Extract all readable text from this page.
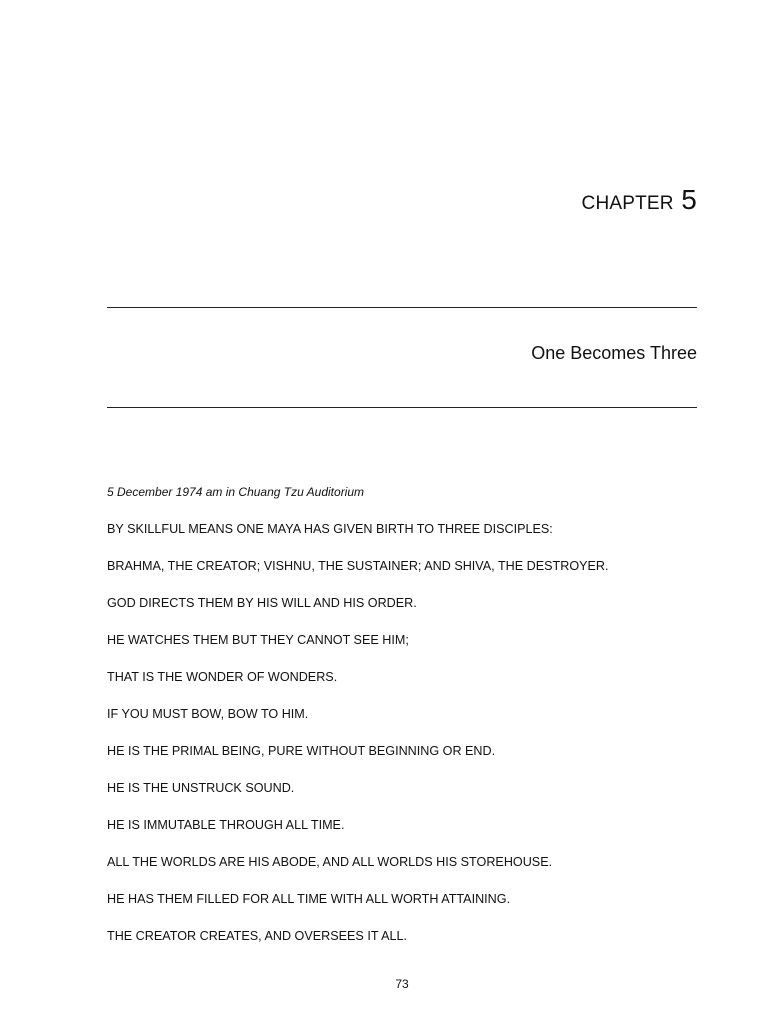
CHAPTER 5
One Becomes Three

5 December 1974 am in Chuang Tzu Auditorium

BY SKILLFUL MEANS ONE MAYA HAS GIVEN BIRTH TO THREE DISCIPLES:

BRAHMA, THE CREATOR; VISHNU, THE SUSTAINER; AND SHIVA, THE DESTROYER.

GOD DIRECTS THEM BY HIS WILL AND HIS ORDER.

HE WATCHES THEM BUT THEY CANNOT SEE HIM;

THAT IS THE WONDER OF WONDERS.

IF YOU MUST BOW, BOW TO HIM.

HE IS THE PRIMAL BEING, PURE WITHOUT BEGINNING OR END.

HE IS THE UNSTRUCK SOUND.

HE IS IMMUTABLE THROUGH ALL TIME.

ALL THE WORLDS ARE HIS ABODE, AND ALL WORLDS HIS STOREHOUSE.

HE HAS THEM FILLED FOR ALL TIME WITH ALL WORTH ATTAINING.

THE CREATOR CREATES, AND OVERSEES IT ALL.

73
